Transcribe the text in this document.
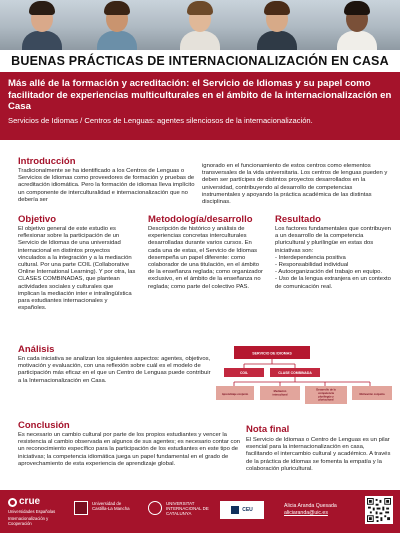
BUENAS PRÁCTICAS DE INTERNACIONALIZACIÓN EN CASA
Más allé de la formación y acreditación: el Servicio de Idiomas y su papel como facilitador de experiencias multiculturales en el ámbito de la internacionalización en Casa
Servicios de Idiomas / Centros de Lenguas: agentes silenciosos de la internacionalización.
Introducción
Tradicionalmente se ha identificado a los Centros de Lenguas o Servicios de Idiomas como proveedores de formación y pruebas de acreditación idiomática. Pero la formación de idiomas lleva implícito un componente de interculturalidad e internacionalización que no debería ser
ignorado en el funcionamiento de estos centros como elementos transversales de la vida universitaria. Los centros de lenguas pueden y deben ser partícipes de distintos proyectos desarrollados en la universidad, contribuyendo al desarrollo de competencias instrumentales y apoyando la práctica académica de las distintas disciplinas.
Objetivo
El objetivo general de este estudio es reflexionar sobre la participación de un Servicio de Idiomas de una universidad internacional en distintos proyectos vinculados a la integración y a la mediación cultural. Por una parte COIL (Collaborative Online International Learning). Y por otra, las CLASES COMBINADAS, que plantean actividades sociales y culturales que implican la mediación inter e intralingüística para estudiantes internacionales y españoles.
Metodología/desarrollo
Descripción de histórico y análisis de experiencias concretas interculturales desarrolladas durante varios cursos. En cada una de estas, el Servicio de Idiomas desempeña un papel diferente: como colaborador de una titulación, en el ámbito de la enseñanza reglada; como organizador exclusivo, en el ámbito de la enseñanza no reglada; como parte del colectivo PAS.
Resultado
Los factores fundamentales que contribuyen a un desarrollo de la competencia pluricultural y plurilingüe en estas dos iniciativas son:
- Interdependencia positiva
- Responsabilidad individual
- Autoorganización del trabajo en equipo.
- Uso de la lengua extranjera en un contexto de comunicación real.
Análisis
En cada iniciativa se analizan los siguientes aspectos: agentes, objetivos, motivación y evaluación, con una reflexión sobre cuál es el modelo de participación más eficaz en el que un Centro de Lenguas puede contribuir a la Internacionalización en Casa.
SERVICIO DE IDIOMAS
COIL	CLASE COMBINADA
Aprendizaje conjunto
Mediación intercultural
Desarrollo de la competencia plurilingüe y pluricultural
Motivación conjunta
Conclusión
Es necesario un cambio cultural por parte de los propios estudiantes y vencer la resistencia al cambio observada en algunos de sus agentes; es necesario contar con un reconocimiento específico para la participación de los estudiantes en este tipo de iniciativas; la competencia idiomática juega un papel fundamental en el grado de aprovechamiento de esta experiencia de aprendizaje global.
Nota final
El Servicio de Idiomas o Centro de Lenguas es un pilar esencial para la internacionalización en casa, facilitando el intercambio cultural y académico. A través de la práctica de idiomas se fomenta la empatía y la colaboración pluricultural.
crue
Universidades Españolas
Internacionalización y Cooperación
Universidad de Castilla-La Mancha
UNIVERSITAT INTERNACIONAL DE CATALUNYA
CEU
Alicia Aranda Quesada
aliciaranda@uic.es
